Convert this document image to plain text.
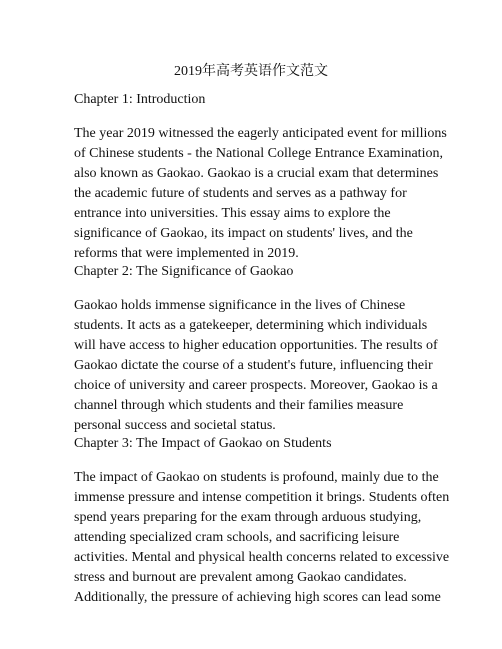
2019年高考英语作文范文
Chapter 1: Introduction
The year 2019 witnessed the eagerly anticipated event for millions
of Chinese students - the National College Entrance Examination,
also known as Gaokao. Gaokao is a crucial exam that determines
the academic future of students and serves as a pathway for
entrance into universities. This essay aims to explore the
significance of Gaokao, its impact on students' lives, and the
reforms that were implemented in 2019.
Chapter 2: The Significance of Gaokao
Gaokao holds immense significance in the lives of Chinese
students. It acts as a gatekeeper, determining which individuals
will have access to higher education opportunities. The results of
Gaokao dictate the course of a student's future, influencing their
choice of university and career prospects. Moreover, Gaokao is a
channel through which students and their families measure
personal success and societal status.
Chapter 3: The Impact of Gaokao on Students
The impact of Gaokao on students is profound, mainly due to the
immense pressure and intense competition it brings. Students often
spend years preparing for the exam through arduous studying,
attending specialized cram schools, and sacrificing leisure
activities. Mental and physical health concerns related to excessive
stress and burnout are prevalent among Gaokao candidates.
Additionally, the pressure of achieving high scores can lead some
